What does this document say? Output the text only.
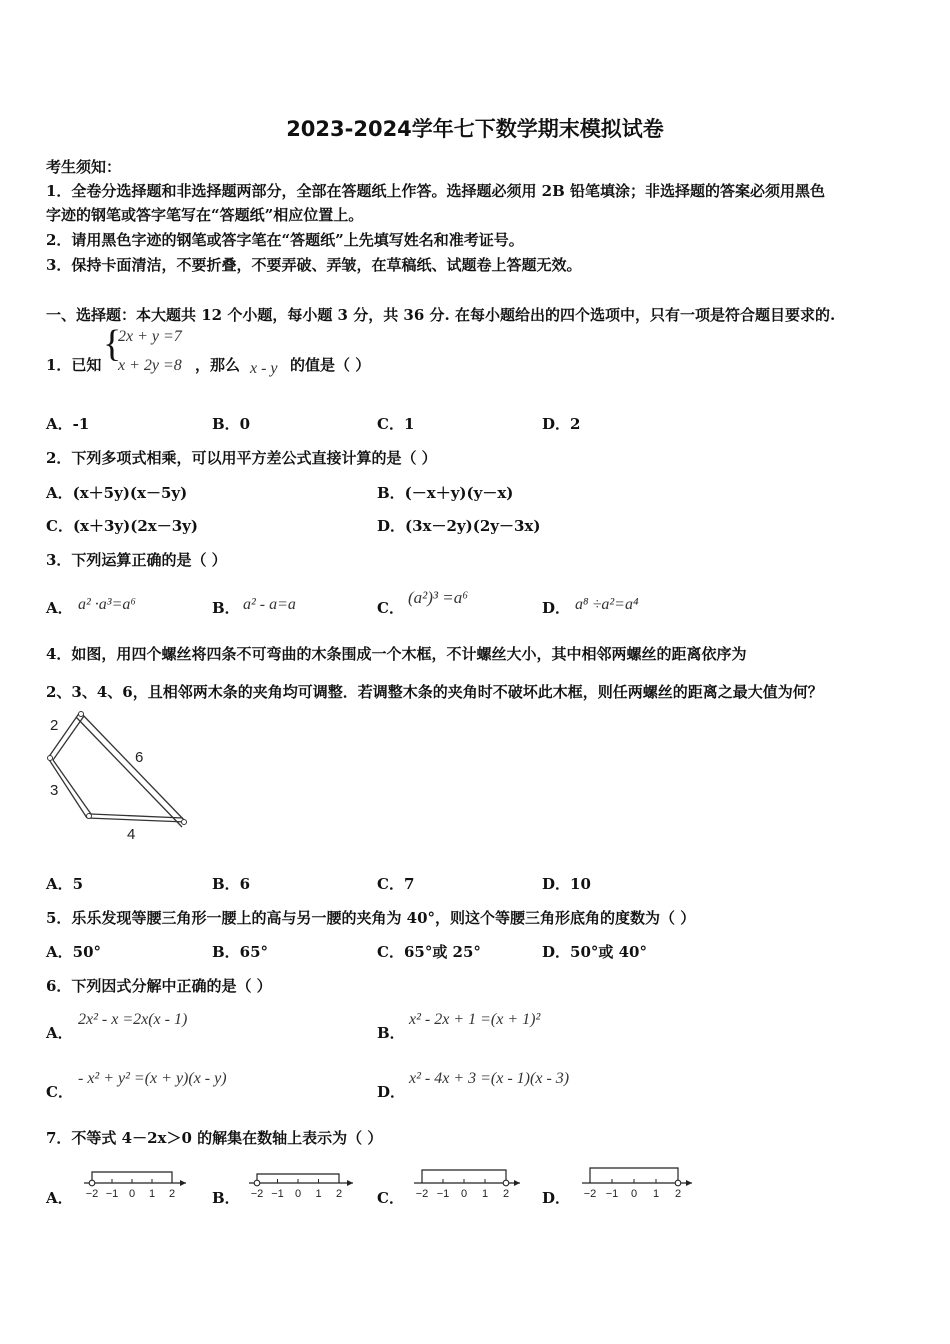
2023-2024学年七下数学期末模拟试卷
考生须知：
1．全卷分选择题和非选择题两部分，全部在答题纸上作答。选择题必须用 2B 铅笔填涂；非选择题的答案必须用黑色
字迹的钢笔或答字笔写在“答题纸”相应位置上。
2．请用黑色字迹的钢笔或答字笔在“答题纸”上先填写姓名和准考证号。
3．保持卡面清洁，不要折叠，不要弄破、弄皱，在草稿纸、试题卷上答题无效。
一、选择题：本大题共 12 个小题，每小题 3 分，共 36 分. 在每小题给出的四个选项中，只有一项是符合题目要求的.
1．已知 {
2x + y =7
x + 2y =8 ，那么 x - y 的值是（ ）
A．-1	B．0	C．1	D．2
2．下列多项式相乘，可以用平方差公式直接计算的是（ ）
A．(x＋5y)(x－5y)	B．(－x＋y)(y－x)
C．(x＋3y)(2x－3y)	D．(3x－2y)(2y－3x)
3．下列运算正确的是（ ）
A． a² ·a³=a⁶	B． a² - a=a	C．
(a²)³ =a⁶
D． a⁸ ÷a²=a⁴
4．如图，用四个螺丝将四条不可弯曲的木条围成一个木框，不计螺丝大小，其中相邻两螺丝的距离依序为
2、3、4、6，且相邻两木条的夹角均可调整．若调整木条的夹角时不破坏此木框，则任两螺丝的距离之最大值为何？
2
6
3
4
A．5	B．6	C．7	D．10
5．乐乐发现等腰三角形一腰上的高与另一腰的夹角为 40°，则这个等腰三角形底角的度数为（ ）
A．50°	B．65°	C．65°或 25°	D．50°或 40°
6．下列因式分解中正确的是（ ）
A．
2x² - x =2x(x - 1)
B．
x² - 2x + 1 =(x + 1)²
C．
- x² + y² =(x + y)(x - y)
D．
x² - 4x + 3 =(x - 1)(x - 3)
7．不等式 4－2x＞0 的解集在数轴上表示为（ ）
A．	B．	C．	D．
−2 −1 0 1 2	−2 −1 0 1 2	−2 −1 0 1 2	−2 −1 0 1 2
